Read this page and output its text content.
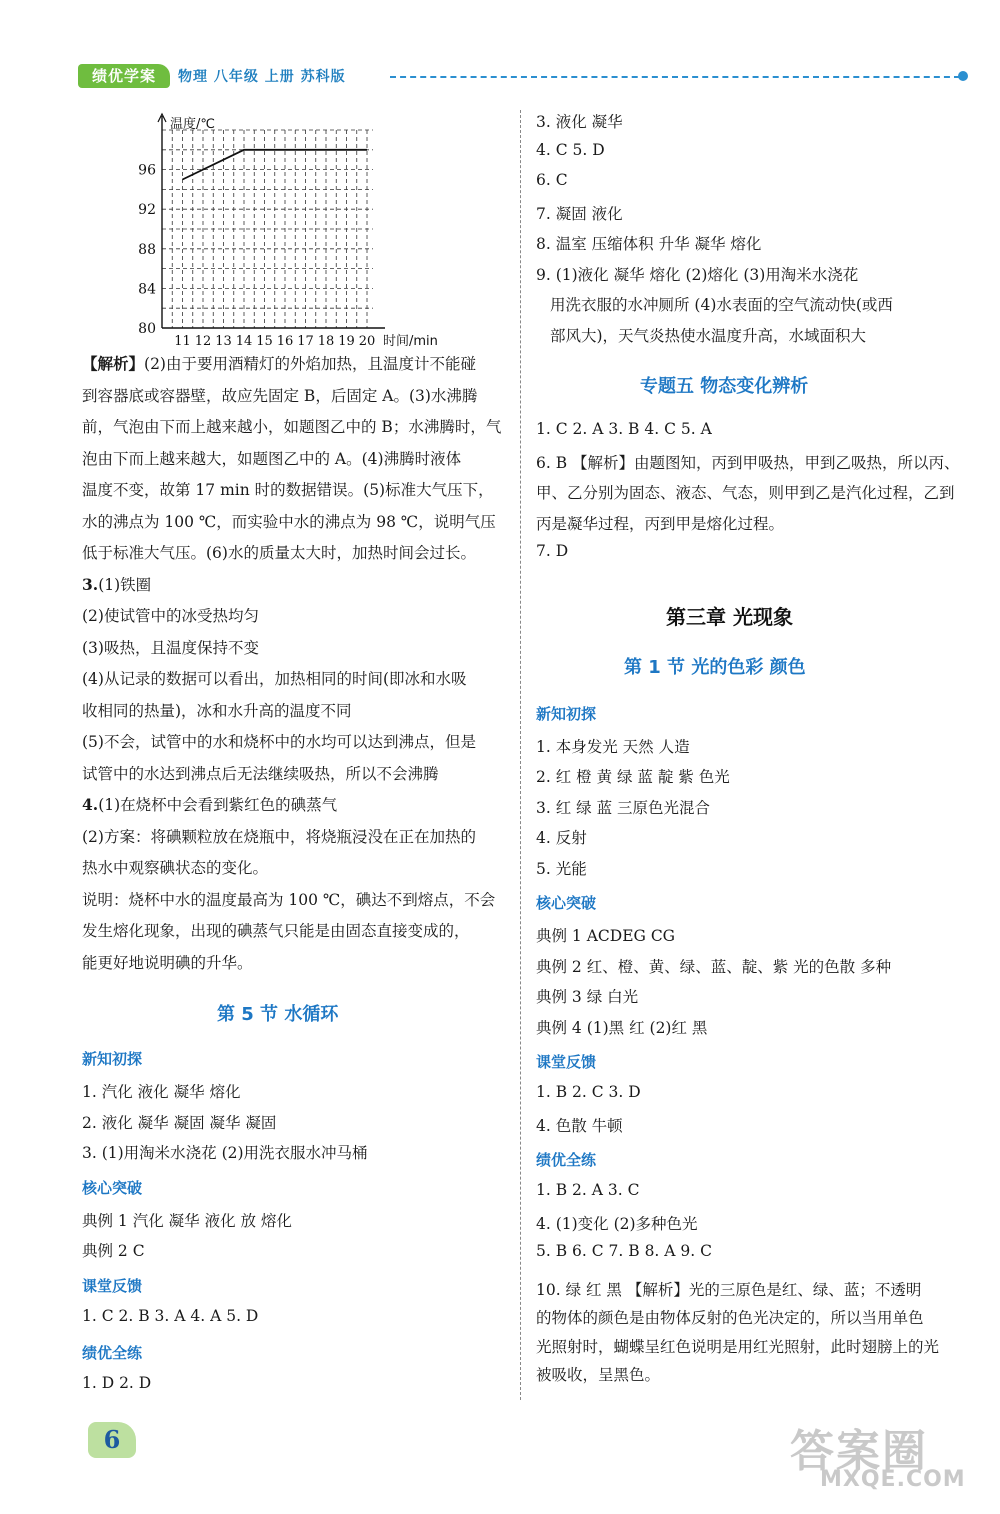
绩优学案	物理 八年级 上册 苏科版
80
84
88
92
96
11 12 13 14 15 16 17 18 19 20
温度/℃
时间/min
【解析】(2)由于要用酒精灯的外焰加热，且温度计不能碰
到容器底或容器壁，故应先固定 B，后固定 A。(3)水沸腾
前，气泡由下而上越来越小，如题图乙中的 B；水沸腾时，气
泡由下而上越来越大，如题图乙中的 A。(4)沸腾时液体
温度不变，故第 17 min 时的数据错误。(5)标准大气压下，
水的沸点为 100 ℃，而实验中水的沸点为 98 ℃，说明气压
低于标准大气压。(6)水的质量太大时，加热时间会过长。
3.(1)铁圈
(2)使试管中的冰受热均匀
(3)吸热，且温度保持不变
(4)从记录的数据可以看出，加热相同的时间(即冰和水吸
收相同的热量)，冰和水升高的温度不同
(5)不会，试管中的水和烧杯中的水均可以达到沸点，但是
试管中的水达到沸点后无法继续吸热，所以不会沸腾
4.(1)在烧杯中会看到紫红色的碘蒸气
(2)方案：将碘颗粒放在烧瓶中，将烧瓶浸没在正在加热的
热水中观察碘状态的变化。
说明：烧杯中水的温度最高为 100 ℃，碘达不到熔点，不会
发生熔化现象，出现的碘蒸气只能是由固态直接变成的，
能更好地说明碘的升华。
第 5 节 水循环
新知初探
1. 汽化 液化 凝华 熔化
2. 液化 凝华 凝固 凝华 凝固
3. (1)用淘米水浇花 (2)用洗衣服水冲马桶
核心突破
典例 1 汽化 凝华 液化 放 熔化
典例 2 C
课堂反馈
1. C 2. B 3. A 4. A 5. D
绩优全练
1. D 2. D
3. 液化 凝华
4. C 5. D
6. C
7. 凝固 液化
8. 温室 压缩体积 升华 凝华 熔化
9. (1)液化 凝华 熔化 (2)熔化 (3)用淘米水浇花
用洗衣服的水冲厕所 (4)水表面的空气流动快(或西
部风大)，天气炎热使水温度升高，水域面积大
专题五 物态变化辨析
1. C 2. A 3. B 4. C 5. A
6. B 【解析】由题图知，丙到甲吸热，甲到乙吸热，所以丙、
甲、乙分别为固态、液态、气态，则甲到乙是汽化过程，乙到
丙是凝华过程，丙到甲是熔化过程。
7. D
第三章 光现象
第 1 节 光的色彩 颜色
新知初探
1. 本身发光 天然 人造
2. 红 橙 黄 绿 蓝 靛 紫 色光
3. 红 绿 蓝 三原色光混合
4. 反射
5. 光能
核心突破
典例 1 ACDEG CG
典例 2 红、橙、黄、绿、蓝、靛、紫 光的色散 多种
典例 3 绿 白光
典例 4 (1)黑 红 (2)红 黑
课堂反馈
1. B 2. C 3. D
4. 色散 牛顿
绩优全练
1. B 2. A 3. C
4. (1)变化 (2)多种色光
5. B 6. C 7. B 8. A 9. C
10. 绿 红 黑 【解析】光的三原色是红、绿、蓝；不透明
的物体的颜色是由物体反射的色光决定的，所以当用单色
光照射时，蝴蝶呈红色说明是用红光照射，此时翅膀上的光
被吸收，呈黑色。
6	答案圈
MXQE.COM
